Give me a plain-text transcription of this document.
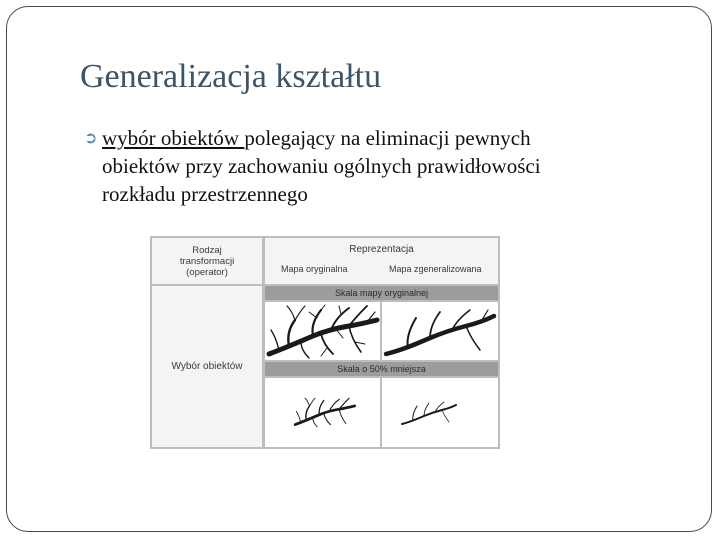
Generalizacja kształtu
➲ wybór obiektów polegający na eliminacji pewnych
obiektów przy zachowaniu ogólnych prawidłowości
rozkładu przestrzennego
Rodzaj
transformacji
(operator)
Reprezentacja
Mapa oryginalna	Mapa zgeneralizowana
Wybór obiektów
Skala mapy oryginalnej
Skala o 50% mniejsza
